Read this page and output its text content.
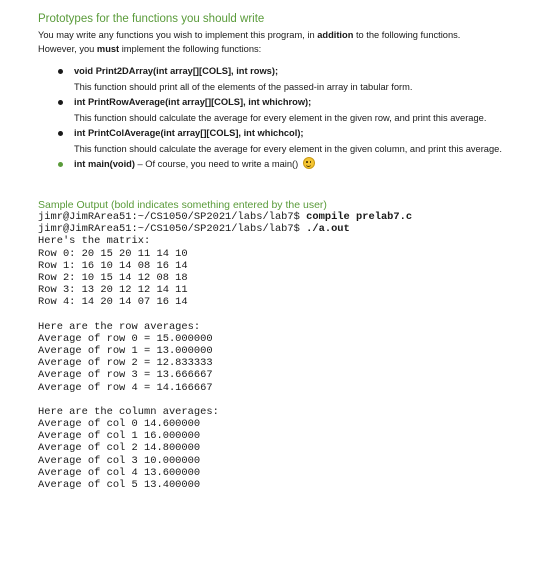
Prototypes for the functions you should write

You may write any functions you wish to implement this program, in addition to the following functions.
However, you must implement the following functions:

void Print2DArray(int array[][COLS], int rows);
This function should print all of the elements of the passed-in array in tabular form.
int PrintRowAverage(int array[][COLS], int whichrow);
This function should calculate the average for every element in the given row, and print this average.
int PrintColAverage(int array[][COLS], int whichcol);
This function should calculate the average for every element in the given column, and print this average.
int main(void) – Of course, you need to write a main()
Sample Output (bold indicates something entered by the user)
jimr@JimRArea51:~/CS1050/SP2021/labs/lab7$ compile prelab7.c
jimr@JimRArea51:~/CS1050/SP2021/labs/lab7$ ./a.out
Here's the matrix:
Row 0: 20 15 20 11 14 10
Row 1: 16 10 14 08 16 14
Row 2: 10 15 14 12 08 18
Row 3: 13 20 12 12 14 11
Row 4: 14 20 14 07 16 14
Here are the row averages:
Average of row 0 = 15.000000
Average of row 1 = 13.000000
Average of row 2 = 12.833333
Average of row 3 = 13.666667
Average of row 4 = 14.166667
Here are the column averages:
Average of col 0 14.600000
Average of col 1 16.000000
Average of col 2 14.800000
Average of col 3 10.000000
Average of col 4 13.600000
Average of col 5 13.400000
